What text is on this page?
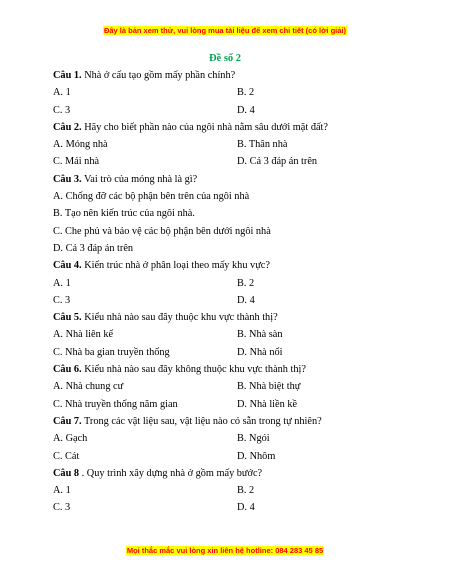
Đây là bản xem thử, vui lòng mua tài liệu để xem chi tiết (có lời giải)
Đề số 2
Câu 1. Nhà ở cấu tạo gồm mấy phần chính?
A. 1	B. 2
C. 3	D. 4
Câu 2. Hãy cho biết phần nào của ngôi nhà nằm sâu dưới mặt đất?
A. Móng nhà	B. Thân nhà
C. Mái nhà	D. Cả 3 đáp án trên
Câu 3. Vai trò của móng nhà là gì?
A. Chống đỡ các bộ phận bên trên của ngôi nhà
B. Tạo nên kiến trúc của ngôi nhà.
C. Che phủ và bảo vệ các bộ phận bên dưới ngôi nhà
D. Cả 3 đáp án trên
Câu 4. Kiến trúc nhà ở phân loại theo mấy khu vực?
A. 1	B. 2
C. 3	D. 4
Câu 5. Kiểu nhà nào sau đây thuộc khu vực thành thị?
A. Nhà liên kế	B. Nhà sàn
C. Nhà ba gian truyền thống	D. Nhà nổi
Câu 6. Kiểu nhà nào sau đây không thuộc khu vực thành thị?
A. Nhà chung cư	B. Nhà biệt thự
C. Nhà truyền thống năm gian	D. Nhà liền kề
Câu 7. Trong các vật liệu sau, vật liệu nào có sẵn trong tự nhiên?
A. Gạch	B. Ngói
C. Cát	D. Nhôm
Câu 8 . Quy trình xây dựng nhà ở gồm mấy bước?
A. 1	B. 2
C. 3	D. 4
Mọi thắc mắc vui lòng xin liên hệ hotline: 084 283 45 85
